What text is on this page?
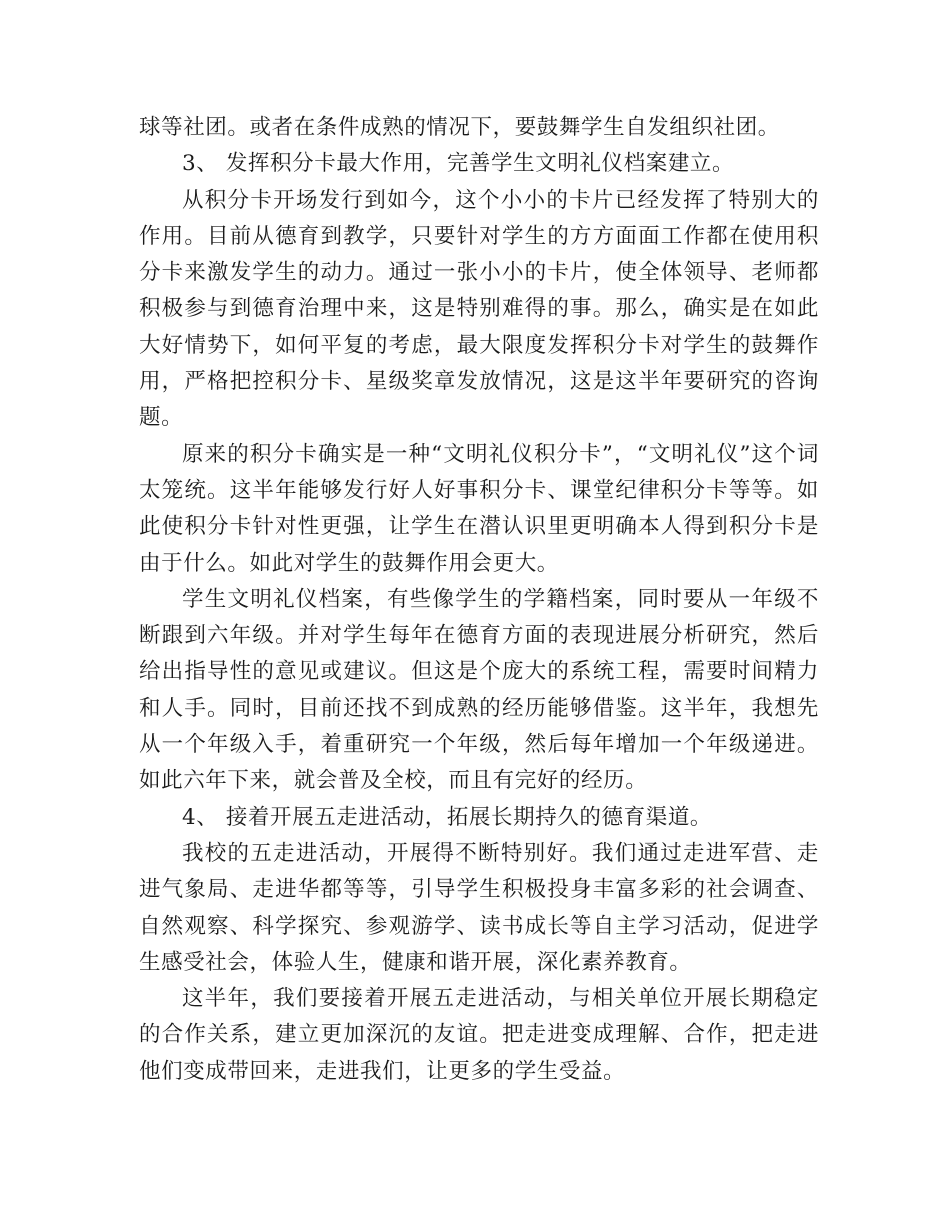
球等社团。或者在条件成熟的情况下，要鼓舞学生自发组织社团。

3、 发挥积分卡最大作用，完善学生文明礼仪档案建立。

从积分卡开场发行到如今，这个小小的卡片已经发挥了特别大的作用。目前从德育到教学，只要针对学生的方方面面工作都在使用积分卡来激发学生的动力。通过一张小小的卡片，使全体领导、老师都积极参与到德育治理中来，这是特别难得的事。那么，确实是在如此大好情势下，如何平复的考虑，最大限度发挥积分卡对学生的鼓舞作用，严格把控积分卡、星级奖章发放情况，这是这半年要研究的咨询题。

原来的积分卡确实是一种“文明礼仪积分卡”，“文明礼仪”这个词太笼统。这半年能够发行好人好事积分卡、课堂纪律积分卡等等。如此使积分卡针对性更强，让学生在潜认识里更明确本人得到积分卡是由于什么。如此对学生的鼓舞作用会更大。

学生文明礼仪档案，有些像学生的学籍档案，同时要从一年级不断跟到六年级。并对学生每年在德育方面的表现进展分析研究，然后给出指导性的意见或建议。但这是个庞大的系统工程，需要时间精力和人手。同时，目前还找不到成熟的经历能够借鉴。这半年，我想先从一个年级入手，着重研究一个年级，然后每年增加一个年级递进。如此六年下来，就会普及全校，而且有完好的经历。

4、 接着开展五走进活动，拓展长期持久的德育渠道。

我校的五走进活动，开展得不断特别好。我们通过走进军营、走进气象局、走进华都等等，引导学生积极投身丰富多彩的社会调查、自然观察、科学探究、参观游学、读书成长等自主学习活动，促进学生感受社会，体验人生，健康和谐开展，深化素养教育。

这半年，我们要接着开展五走进活动，与相关单位开展长期稳定的合作关系，建立更加深沉的友谊。把走进变成理解、合作，把走进他们变成带回来，走进我们，让更多的学生受益。
